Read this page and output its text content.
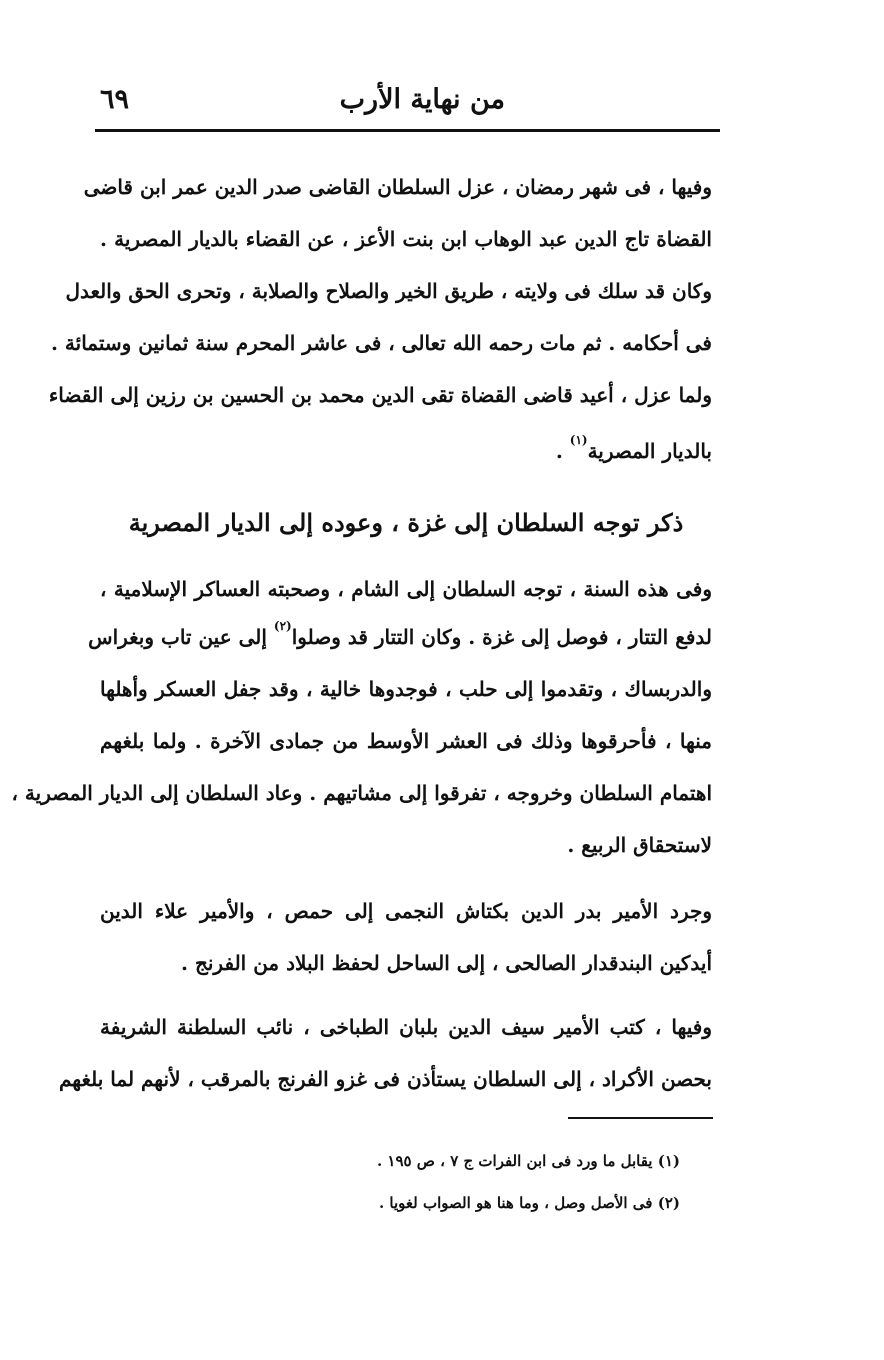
من نهاية الأرب
٦٩
وفيها ، فى شهر رمضان ، عزل السلطان القاضى صدر الدين عمر ابن قاضى
القضاة تاج الدين عبد الوهاب ابن بنت الأعز ، عن القضاء بالديار المصرية .
وكان قد سلك فى ولايته ، طريق الخير والصلاح والصلابة ، وتحرى الحق والعدل
فى أحكامه . ثم مات رحمه الله تعالى ، فى عاشر المحرم سنة ثمانين وستمائة .
ولما عزل ، أعيد قاضى القضاة تقى الدين محمد بن الحسين بن رزين إلى القضاء
بالديار المصرية$^{(١)}$ .
ذكر توجه السلطان إلى غزة ، وعوده إلى الديار المصرية
وفى هذه السنة ، توجه السلطان إلى الشام ، وصحبته العساكر الإسلامية ،
لدفع التتار ، فوصل إلى غزة . وكان التتار قد وصلوا$^{(٢)}$ إلى عين تاب وبغراس
والدربساك ، وتقدموا إلى حلب ، فوجدوها خالية ، وقد جفل العسكر وأهلها
منها ، فأحرقوها وذلك فى العشر الأوسط من جمادى الآخرة . ولما بلغهم
اهتمام السلطان وخروجه ، تفرقوا إلى مشاتيهم . وعاد السلطان إلى الديار المصرية ،
لاستحقاق الربيع .
وجرد الأمير بدر الدين بكتاش النجمى إلى حمص ، والأمير علاء الدين
أيدكين البندقدار الصالحى ، إلى الساحل لحفظ البلاد من الفرنج .
وفيها ، كتب الأمير سيف الدين بلبان الطباخى ، نائب السلطنة الشريفة
بحصن الأكراد ، إلى السلطان يستأذن فى غزو الفرنج بالمرقب ، لأنهم لما بلغهم
(١) يقابل ما ورد فى ابن الفرات ج ٧ ، ص ١٩٥ .
(٢) فى الأصل وصل ، وما هنا هو الصواب لغويا .
